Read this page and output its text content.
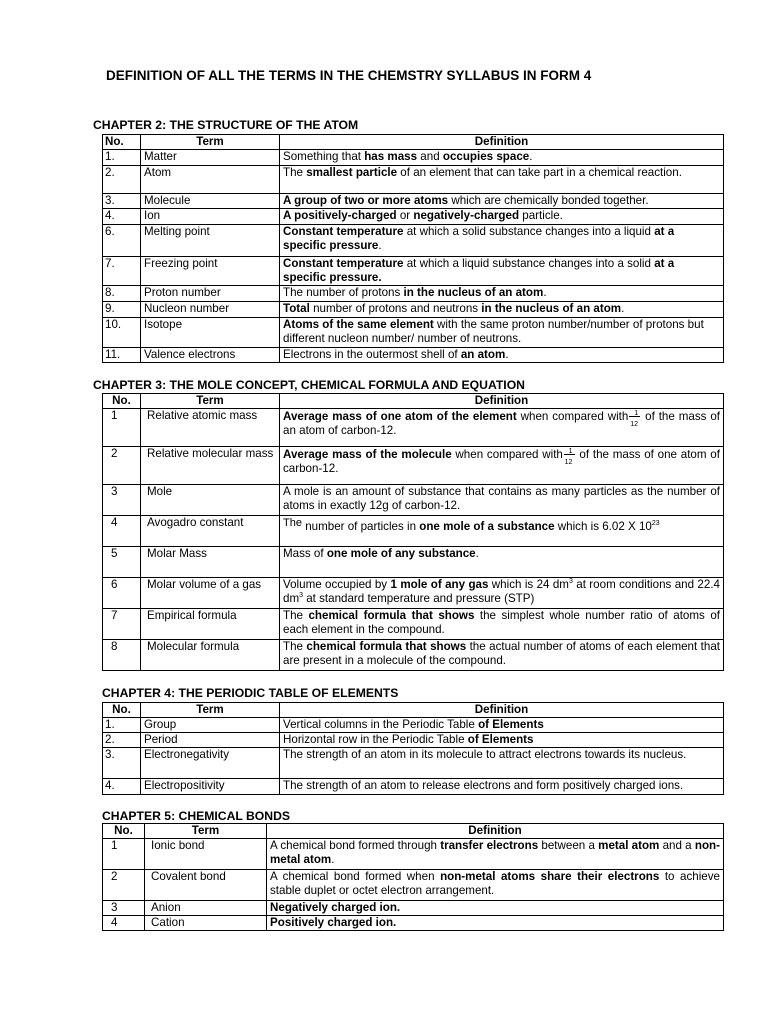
DEFINITION OF ALL THE TERMS IN THE CHEMSTRY SYLLABUS IN FORM 4
CHAPTER 2: THE STRUCTURE OF THE ATOM
No.	Term	Definition
1.	Matter	Something that has mass and occupies space.
2.	Atom	The smallest particle of an element that can take part in a chemical reaction.
3.	Molecule	A group of two or more atoms which are chemically bonded together.
4.	Ion	A positively-charged or negatively-charged particle.
6.	Melting point	Constant temperature at which a solid substance changes into a liquid at a specific pressure.
7.	Freezing point	Constant temperature at which a liquid substance changes into a solid at a specific pressure.
8.	Proton number	The number of protons in the nucleus of an atom.
9.	Nucleon number	Total number of protons and neutrons in the nucleus of an atom.
10.	Isotope	Atoms of the same element with the same proton number/number of protons but different nucleon number/ number of neutrons.
11.	Valence electrons	Electrons in the outermost shell of an atom.
CHAPTER 3: THE MOLE CONCEPT, CHEMICAL FORMULA AND EQUATION
No.	Term	Definition
1	Relative atomic mass	Average mass of one atom of the element when compared with
$\frac{1}{12}$ of the mass of an atom of carbon-12.
2	Relative molecular mass	Average mass of the molecule when compared with
$\frac{1}{12}$ of the mass of one atom of carbon-12.
3	Mole	A mole is an amount of substance that contains as many particles as the number of atoms in exactly 12g of carbon-12.
4	Avogadro constant	The number of particles in one mole of a substance which is 6.02 X $10^{23}$
5	Molar Mass	Mass of one mole of any substance.
6	Molar volume of a gas	Volume occupied by 1 mole of any gas which is 24 $dm^3$ at room conditions and 22.4 $dm^3$ at standard temperature and pressure (STP)
7	Empirical formula	The chemical formula that shows the simplest whole number ratio of atoms of each element in the compound.
8	Molecular formula	The chemical formula that shows the actual number of atoms of each element that are present in a molecule of the compound.
CHAPTER 4: THE PERIODIC TABLE OF ELEMENTS
No.	Term	Definition
1.	Group	Vertical columns in the Periodic Table of Elements
2.	Period	Horizontal row in the Periodic Table of Elements
3.	Electronegativity	The strength of an atom in its molecule to attract electrons towards its nucleus.
4.	Electropositivity	The strength of an atom to release electrons and form positively charged ions.
CHAPTER 5: CHEMICAL BONDS
No.	Term	Definition
1	Ionic bond	A chemical bond formed through transfer electrons between a metal atom and a non-metal atom.
2	Covalent bond	A chemical bond formed when non-metal atoms share their electrons to achieve stable duplet or octet electron arrangement.
3	Anion	Negatively charged ion.
4	Cation	Positively charged ion.
